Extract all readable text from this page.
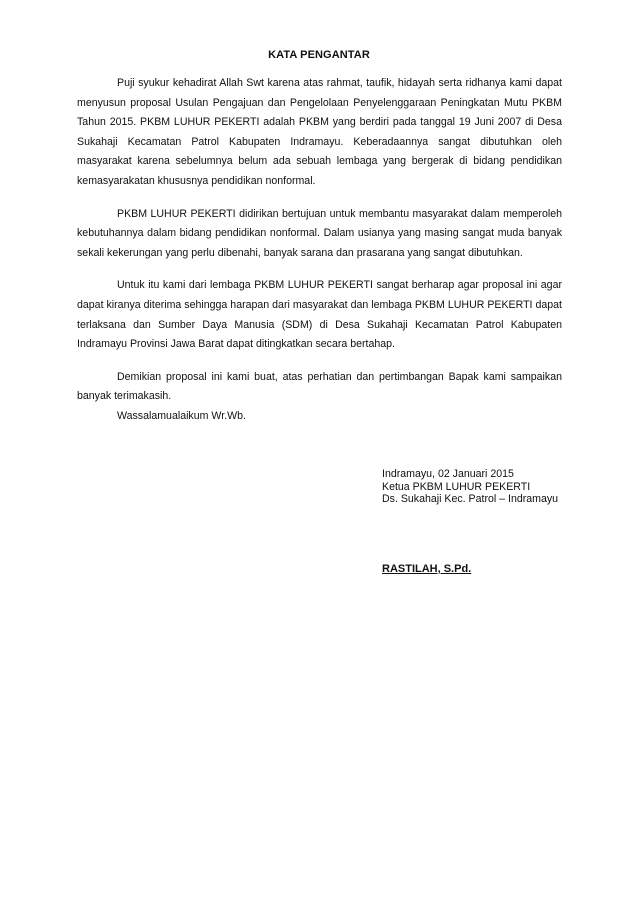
KATA PENGANTAR

Puji syukur kehadirat Allah Swt karena atas rahmat, taufik, hidayah serta ridhanya kami dapat menyusun proposal Usulan Pengajuan dan Pengelolaan Penyelenggaraan Peningkatan Mutu PKBM Tahun 2015. PKBM LUHUR PEKERTI adalah PKBM yang berdiri pada tanggal 19 Juni 2007 di Desa Sukahaji Kecamatan Patrol Kabupaten Indramayu. Keberadaannya sangat dibutuhkan oleh masyarakat karena sebelumnya belum ada sebuah lembaga yang bergerak di bidang pendidikan kemasyarakatan khususnya pendidikan nonformal.

PKBM LUHUR PEKERTI didirikan bertujuan untuk membantu masyarakat dalam memperoleh kebutuhannya dalam bidang pendidikan nonformal. Dalam usianya yang masing sangat muda banyak sekali kekerungan yang perlu dibenahi, banyak sarana dan prasarana yang sangat dibutuhkan.

Untuk itu kami dari lembaga PKBM LUHUR PEKERTI sangat berharap agar proposal ini agar dapat kiranya diterima sehingga harapan dari masyarakat dan lembaga PKBM LUHUR PEKERTI dapat terlaksana dan Sumber Daya Manusia (SDM) di Desa Sukahaji Kecamatan Patrol Kabupaten Indramayu Provinsi Jawa Barat dapat ditingkatkan secara bertahap.

Demikian proposal ini kami buat, atas perhatian dan pertimbangan Bapak kami sampaikan banyak terimakasih.

Wassalamualaikum Wr.Wb.

Indramayu, 02 Januari 2015
Ketua PKBM LUHUR PEKERTI
Ds. Sukahaji Kec. Patrol – Indramayu
RASTILAH, S.Pd.
